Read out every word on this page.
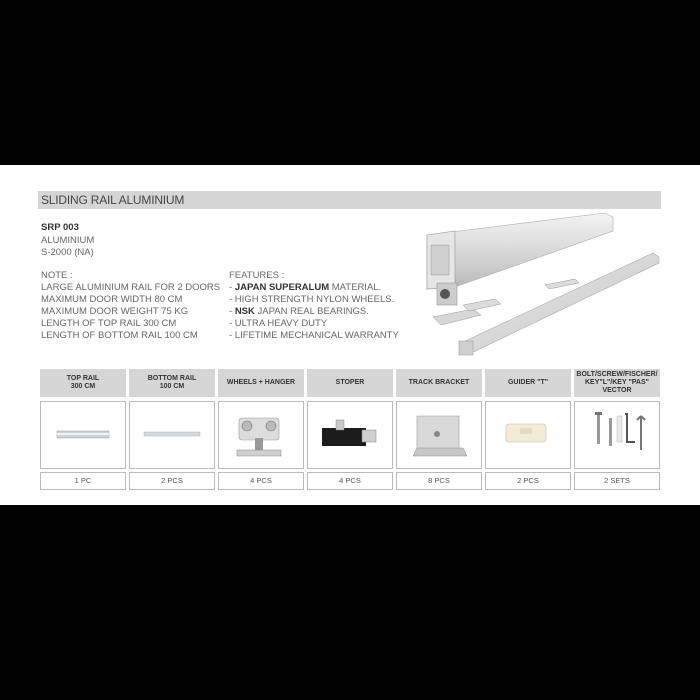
SLIDING RAIL ALUMINIUM
SRP 003
ALUMINIUM
S-2000 (NA)
NOTE :
LARGE ALUMINIUM RAIL FOR 2 DOORS
MAXIMUM DOOR WIDTH 80 CM
MAXIMUM DOOR WEIGHT 75 KG
LENGTH OF TOP RAIL 300 CM
LENGTH OF BOTTOM RAIL 100 CM
FEATURES :
- JAPAN SUPERALUM MATERIAL.
- HIGH STRENGTH NYLON WHEELS.
- NSK JAPAN REAL BEARINGS.
- ULTRA HEAVY DUTY
- LIFETIME MECHANICAL WARRANTY
TOP RAIL
300 CM
1 PC
BOTTOM RAIL
100 CM
2 PCS
WHEELS + HANGER
4 PCS
STOPER
4 PCS
TRACK BRACKET
8 PCS
GUIDER "T"
2 PCS
BOLT/SCREW/FISCHER/
KEY"L"/KEY "PAS"
VECTOR
2 SETS
